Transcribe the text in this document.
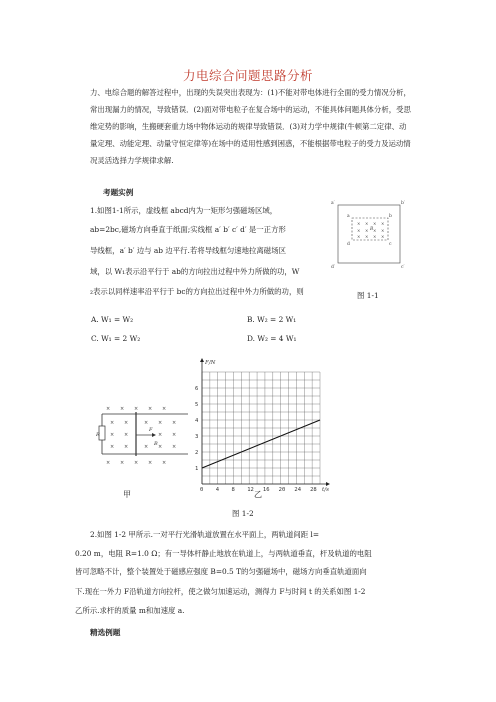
力电综合问题思路分析
力、电综合题的解答过程中，出现的失误突出表现为：(1)不能对带电体进行全面的受力情况分析，常出现漏力的情况，导致错误．(2)面对带电粒子在复合场中的运动，不能具体问题具体分析，受思维定势的影响，生搬硬套重力场中物体运动的规律导致错误．(3)对力学中规律(牛顿第二定律、动量定理、动能定理、动量守恒定律等)在场中的适用性感到困惑，不能根据带电粒子的受力及运动情况灵活选择力学规律求解.
考题实例
1.如图1-1所示，虚线框 abcd内为一矩形匀强磁场区域，
ab=2bc,磁场方向垂直于纸面;实线框 a′ b′ c′ d′ 是一正方形
导线框，a′ b′ 边与 ab 边平行.若将导线框匀速地拉离磁场区
域，以 W₁表示沿平行于 ab的方向拉出过程中外力所做的功，W
₂表示以同样速率沿平行于 bc的方向拉出过程中外力所做的功，则
× × × ×
× × × ×
× × × ×
a′	b′
c′
d′
a	b
c
d
B
图 1-1
A. W₁ = W₂	B. W₂ = 2 W₁
C. W₁ = 2 W₂	D. W₂ = 4 W₁
× × × × ×
× ×	× × ×
× ×	× ×
× ×	× × ×
× × × × ×
R
F
B
甲	0 4 8 12 16 20 24 28
1
2
3
4
5
6
F/N
t/s
乙
图 1-2
2.如图 1-2 甲所示.一对平行光滑轨道放置在水平面上，两轨道间距 l=
0.20 m，电阻 R=1.0 Ω；有一导体杆静止地放在轨道上，与两轨道垂直，杆及轨道的电阻
皆可忽略不计，整个装置处于磁感应强度 B=0.5 T的匀强磁场中，磁场方向垂直轨道面向
下.现在一外力 F沿轨道方向拉杆，使之做匀加速运动，测得力 F与时间 t 的关系如图 1-2
乙所示.求杆的质量 m和加速度 a.
精选例题
